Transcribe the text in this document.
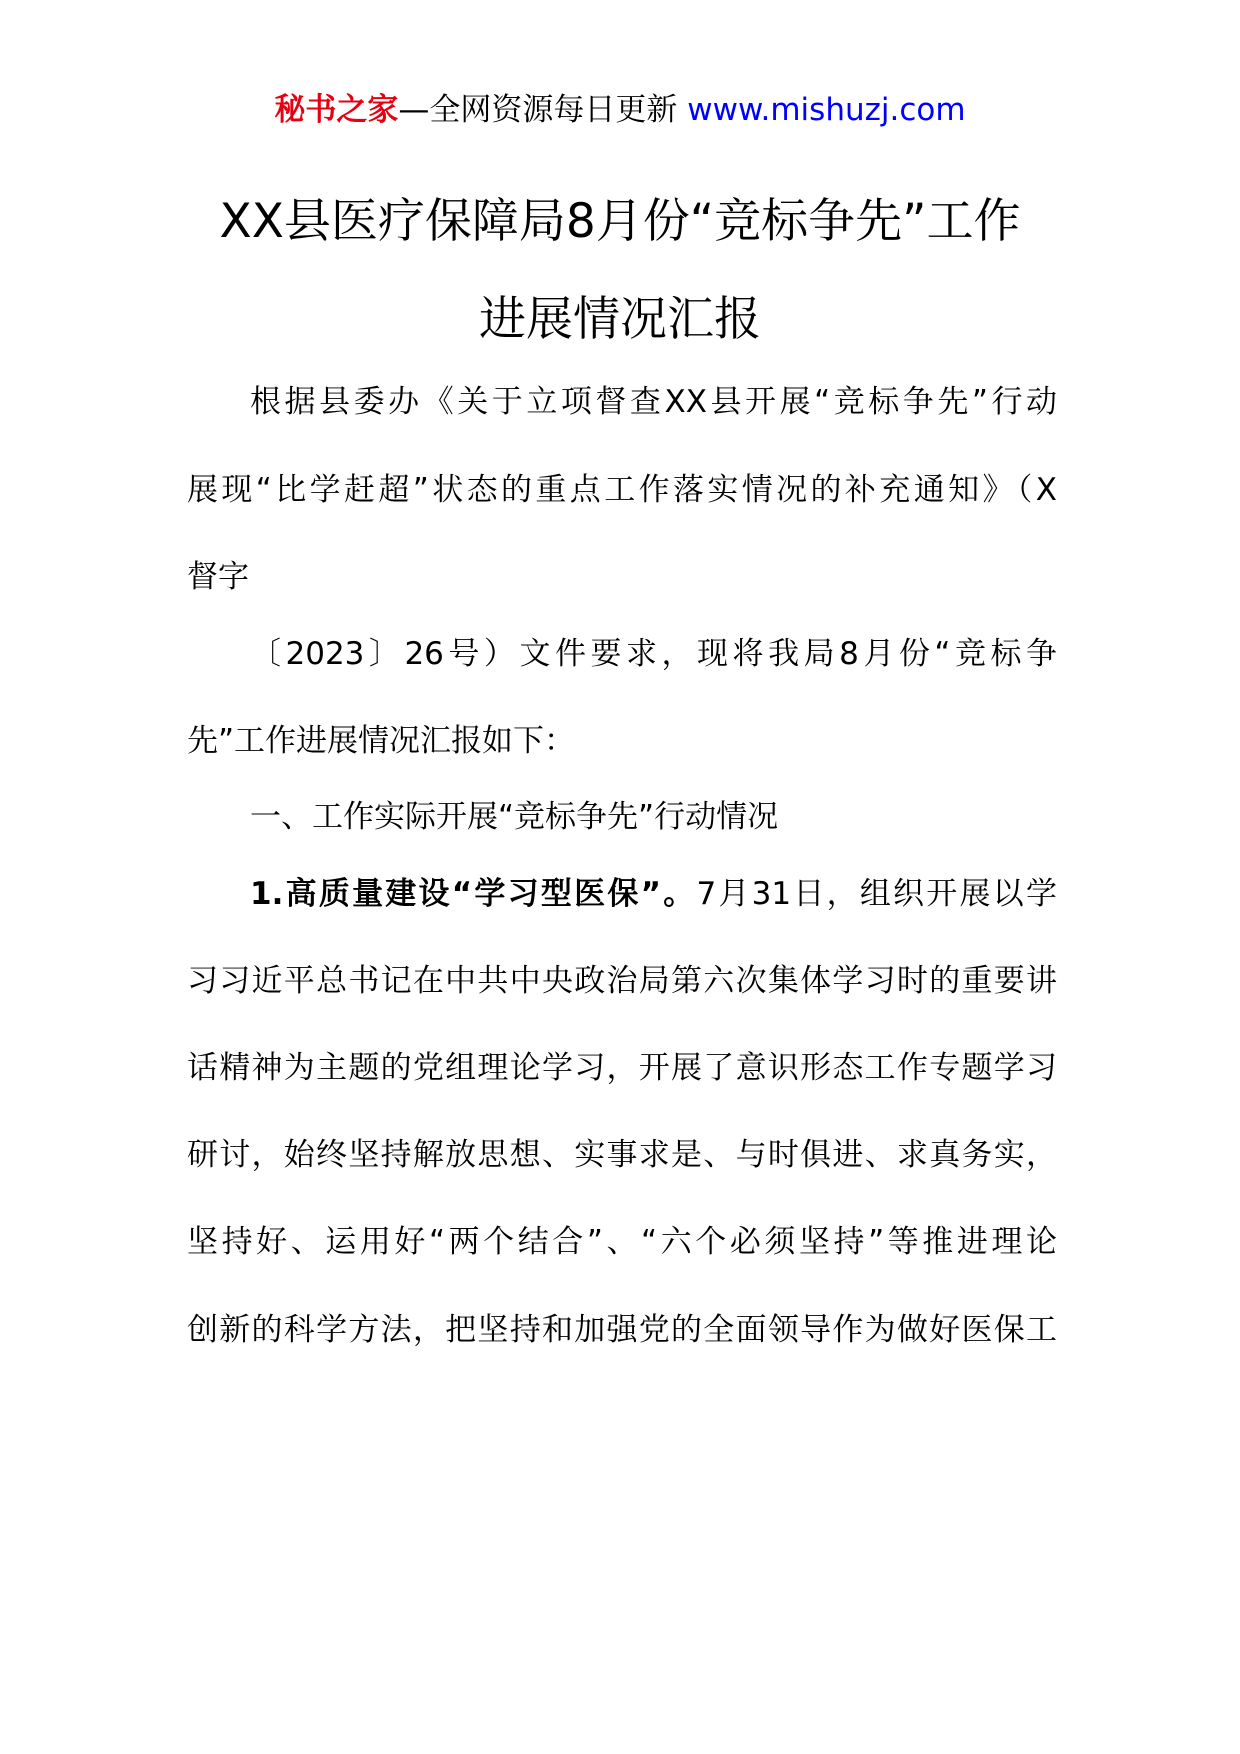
秘书之家—全网资源每日更新 www.mishuzj.com
XX县医疗保障局8月份“竞标争先”工作
进展情况汇报
根据县委办《关于立项督查XX县开展“竞标争先”行动
展现“比学赶超”状态的重点工作落实情况的补充通知》（X
督字
〔2023〕26号）文件要求，现将我局8月份“竞标争
先”工作进展情况汇报如下：
一、工作实际开展“竞标争先”行动情况
1.高质量建设“学习型医保”。7月31日，组织开展以学
习习近平总书记在中共中央政治局第六次集体学习时的重要讲
话精神为主题的党组理论学习，开展了意识形态工作专题学习
研讨，始终坚持解放思想、实事求是、与时俱进、求真务实，
坚持好、运用好“两个结合”、“六个必须坚持”等推进理论
创新的科学方法，把坚持和加强党的全面领导作为做好医保工
